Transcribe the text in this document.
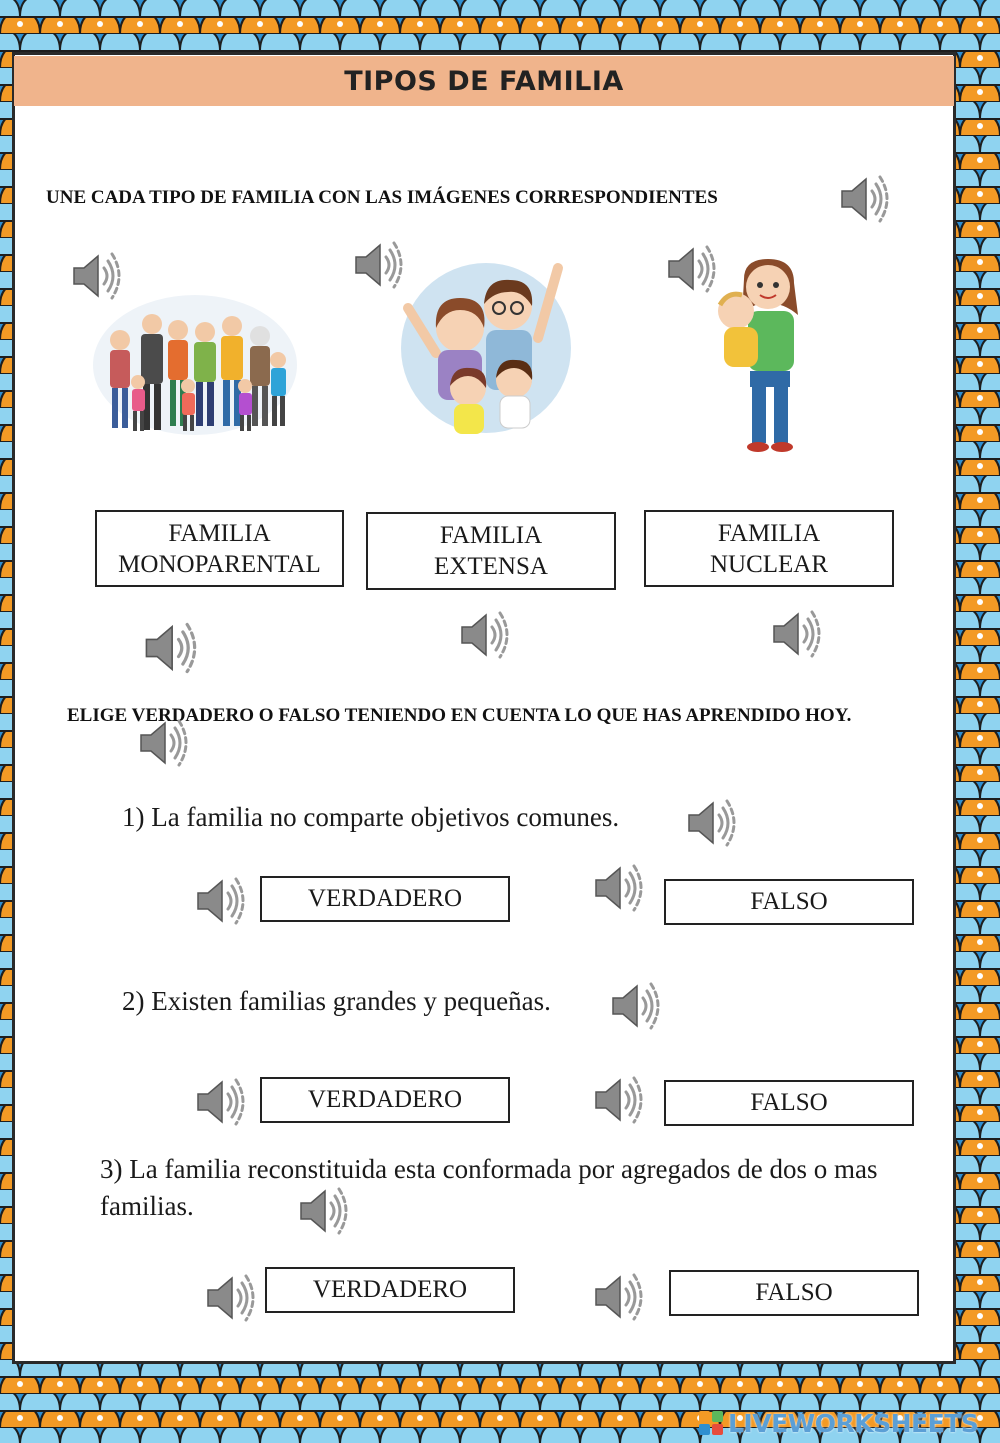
TIPOS DE FAMILIA

UNE CADA TIPO DE FAMILIA CON LAS IMÁGENES CORRESPONDIENTES

FAMILIA
MONOPARENTAL
FAMILIA
EXTENSA
FAMILIA
NUCLEAR

ELIGE VERDADERO O FALSO TENIENDO EN CUENTA LO QUE HAS APRENDIDO HOY.

1) La familia no comparte objetivos comunes.

VERDADERO	FALSO

2) Existen familias grandes y pequeñas.

VERDADERO	FALSO

3) La familia reconstituida esta conformada por agregados de dos o mas familias.

VERDADERO	FALSO
LIVEWORKSHEETS
